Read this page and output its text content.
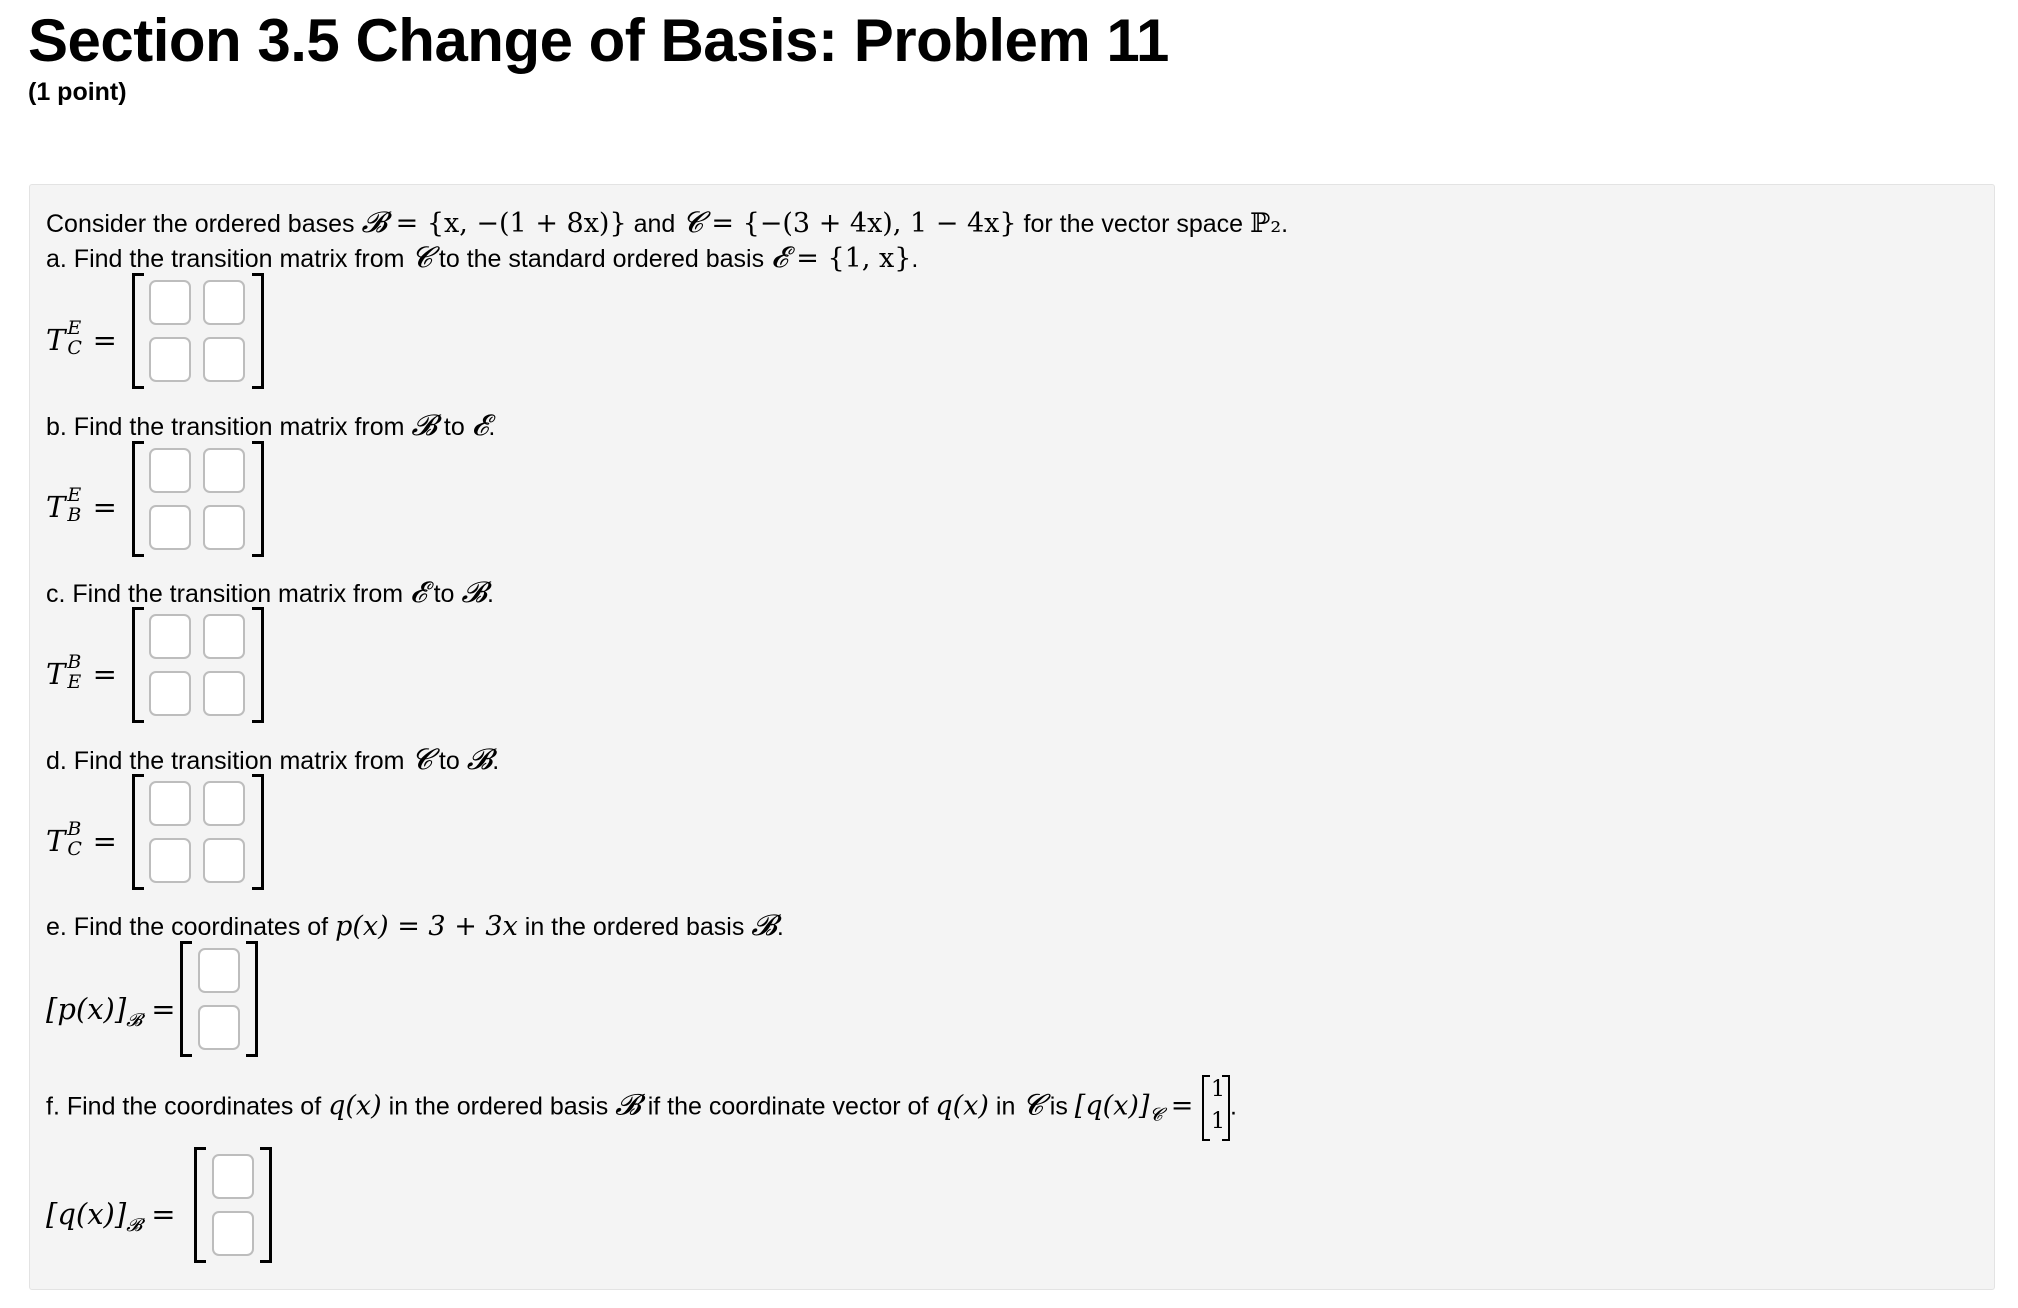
Section 3.5 Change of Basis: Problem 11
(1 point)
Consider the ordered bases 𝓑 = {x, −(1 + 8x)} and 𝓒 = {−(3 + 4x), 1 − 4x} for the vector space ℙ₂.
a. Find the transition matrix from 𝓒 to the standard ordered basis 𝓔 = {1, x}.
T E
C =
b. Find the transition matrix from 𝓑 to 𝓔.
T E
B =
c. Find the transition matrix from 𝓔 to 𝓑.
T B
E =
d. Find the transition matrix from 𝓒 to 𝓑.
T B
C =
e. Find the coordinates of p(x) = 3 + 3x in the ordered basis 𝓑.
$[p(x)]_𝓑$ =
f. Find the coordinates of q(x) in the ordered basis 𝓑 if the coordinate vector of q(x) in 𝓒 is $[q(x)]_𝓒$ =
1
1
.
$[q(x)]_𝓑$ =
